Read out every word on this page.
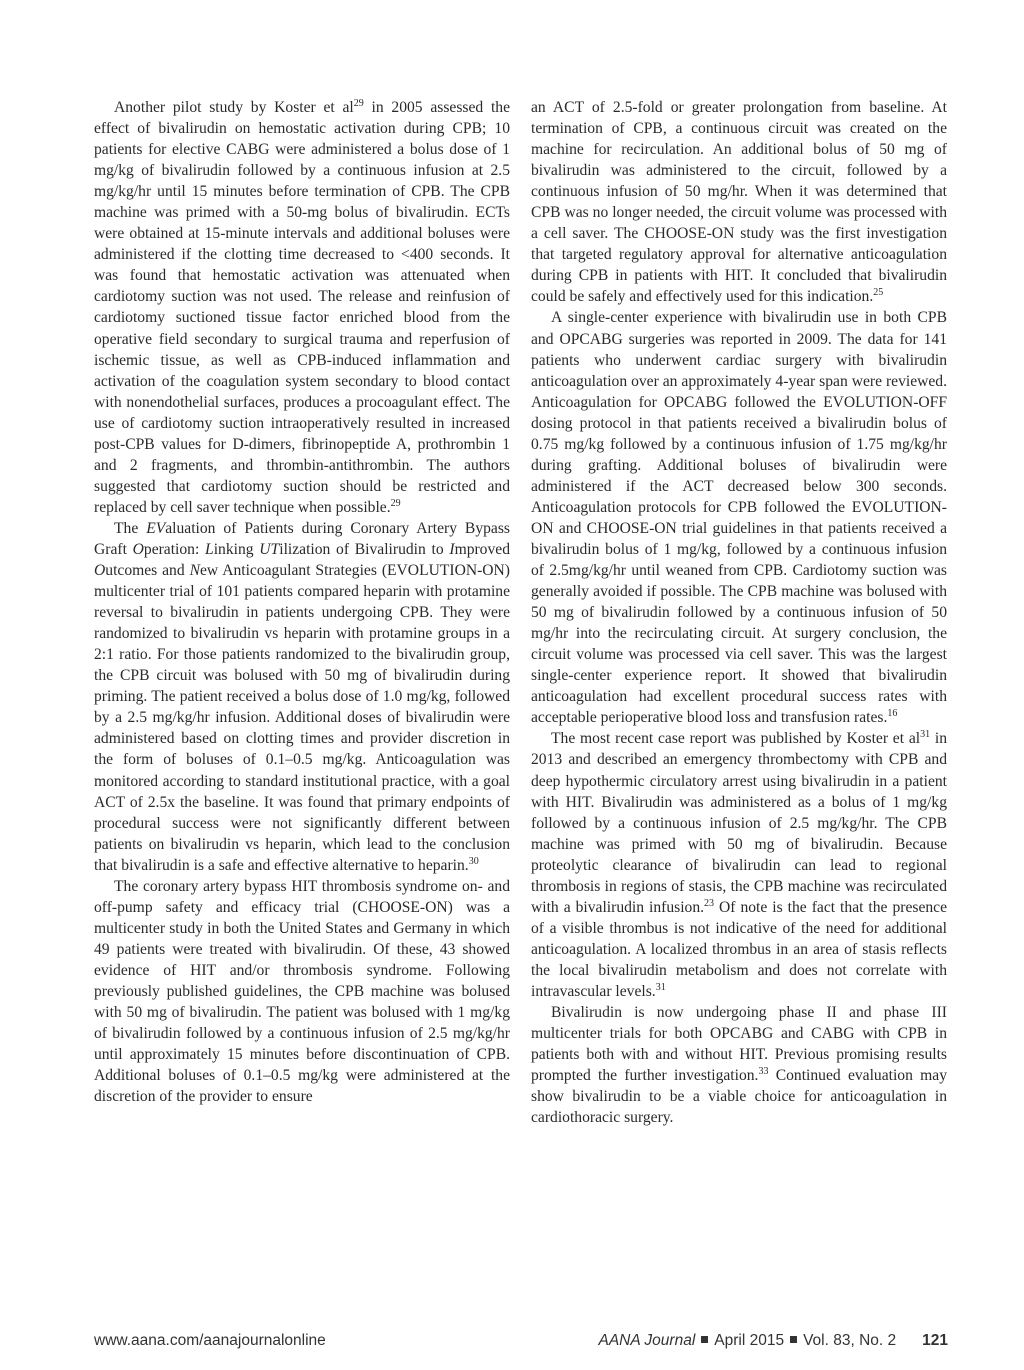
Another pilot study by Koster et $al^{29}$ in 2005 assessed the effect of bivalirudin on hemostatic activation during CPB; 10 patients for elective CABG were administered a bolus dose of 1 mg/kg of bivalirudin followed by a continuous infusion at 2.5 mg/kg/hr until 15 minutes before termination of CPB. The CPB machine was primed with a 50-mg bolus of bivalirudin. ECTs were obtained at 15-minute intervals and additional boluses were administered if the clotting time decreased to <400 seconds. It was found that hemostatic activation was attenuated when cardiotomy suction was not used. The release and reinfusion of cardiotomy suctioned tissue factor enriched blood from the operative field secondary to surgical trauma and reperfusion of ischemic tissue, as well as CPB-induced inflammation and activation of the coagulation system secondary to blood contact with nonendothelial surfaces, produces a procoagulant effect. The use of cardiotomy suction intraoperatively resulted in increased post-CPB values for D-dimers, fibrinopeptide A, prothrombin 1 and 2 fragments, and thrombin-antithrombin. The authors suggested that cardiotomy suction should be restricted and replaced by cell saver technique when possible.$^{29}$

The EValuation of Patients during Coronary Artery Bypass Graft Operation: Linking UTilization of Bivalirudin to Improved Outcomes and New Anticoagulant Strategies (EVOLUTION-ON) multicenter trial of 101 patients compared heparin with protamine reversal to bivalirudin in patients undergoing CPB. They were randomized to bivalirudin vs heparin with protamine groups in a 2:1 ratio. For those patients randomized to the bivalirudin group, the CPB circuit was bolused with 50 mg of bivalirudin during priming. The patient received a bolus dose of 1.0 mg/kg, followed by a 2.5 mg/kg/hr infusion. Additional doses of bivalirudin were administered based on clotting times and provider discretion in the form of boluses of 0.1–0.5 mg/kg. Anticoagulation was monitored according to standard institutional practice, with a goal ACT of 2.5x the baseline. It was found that primary endpoints of procedural success were not significantly different between patients on bivalirudin vs heparin, which lead to the conclusion that bivalirudin is a safe and effective alternative to heparin.$^{30}$

The coronary artery bypass HIT thrombosis syndrome on- and off-pump safety and efficacy trial (CHOOSE-ON) was a multicenter study in both the United States and Germany in which 49 patients were treated with bivalirudin. Of these, 43 showed evidence of HIT and/or thrombosis syndrome. Following previously published guidelines, the CPB machine was bolused with 50 mg of bivalirudin. The patient was bolused with 1 mg/kg of bivalirudin followed by a continuous infusion of 2.5 mg/kg/hr until approximately 15 minutes before discontinuation of CPB. Additional boluses of 0.1–0.5 mg/kg were administered at the discretion of the provider to ensure

an ACT of 2.5-fold or greater prolongation from baseline. At termination of CPB, a continuous circuit was created on the machine for recirculation. An additional bolus of 50 mg of bivalirudin was administered to the circuit, followed by a continuous infusion of 50 mg/hr. When it was determined that CPB was no longer needed, the circuit volume was processed with a cell saver. The CHOOSE-ON study was the first investigation that targeted regulatory approval for alternative anticoagulation during CPB in patients with HIT. It concluded that bivalirudin could be safely and effectively used for this indication.$^{25}$

A single-center experience with bivalirudin use in both CPB and OPCABG surgeries was reported in 2009. The data for 141 patients who underwent cardiac surgery with bivalirudin anticoagulation over an approximately 4-year span were reviewed. Anticoagulation for OPCABG followed the EVOLUTION-OFF dosing protocol in that patients received a bivalirudin bolus of 0.75 mg/kg followed by a continuous infusion of 1.75 mg/kg/hr during grafting. Additional boluses of bivalirudin were administered if the ACT decreased below 300 seconds. Anticoagulation protocols for CPB followed the EVOLUTION-ON and CHOOSE-ON trial guidelines in that patients received a bivalirudin bolus of 1 mg/kg, followed by a continuous infusion of 2.5mg/kg/hr until weaned from CPB. Cardiotomy suction was generally avoided if possible. The CPB machine was bolused with 50 mg of bivalirudin followed by a continuous infusion of 50 mg/hr into the recirculating circuit. At surgery conclusion, the circuit volume was processed via cell saver. This was the largest single-center experience report. It showed that bivalirudin anticoagulation had excellent procedural success rates with acceptable perioperative blood loss and transfusion rates.$^{16}$

The most recent case report was published by Koster et $al^{31}$ in 2013 and described an emergency thrombectomy with CPB and deep hypothermic circulatory arrest using bivalirudin in a patient with HIT. Bivalirudin was administered as a bolus of 1 mg/kg followed by a continuous infusion of 2.5 mg/kg/hr. The CPB machine was primed with 50 mg of bivalirudin. Because proteolytic clearance of bivalirudin can lead to regional thrombosis in regions of stasis, the CPB machine was recirculated with a bivalirudin infusion.$^{23}$ Of note is the fact that the presence of a visible thrombus is not indicative of the need for additional anticoagulation. A localized thrombus in an area of stasis reflects the local bivalirudin metabolism and does not correlate with intravascular levels.$^{31}$

Bivalirudin is now undergoing phase II and phase III multicenter trials for both OPCABG and CABG with CPB in patients both with and without HIT. Previous promising results prompted the further investigation.$^{33}$ Continued evaluation may show bivalirudin to be a viable choice for anticoagulation in cardiothoracic surgery.

www.aana.com/aanajournalonline	AANA Journal April 2015 Vol. 83, No. 2 121
